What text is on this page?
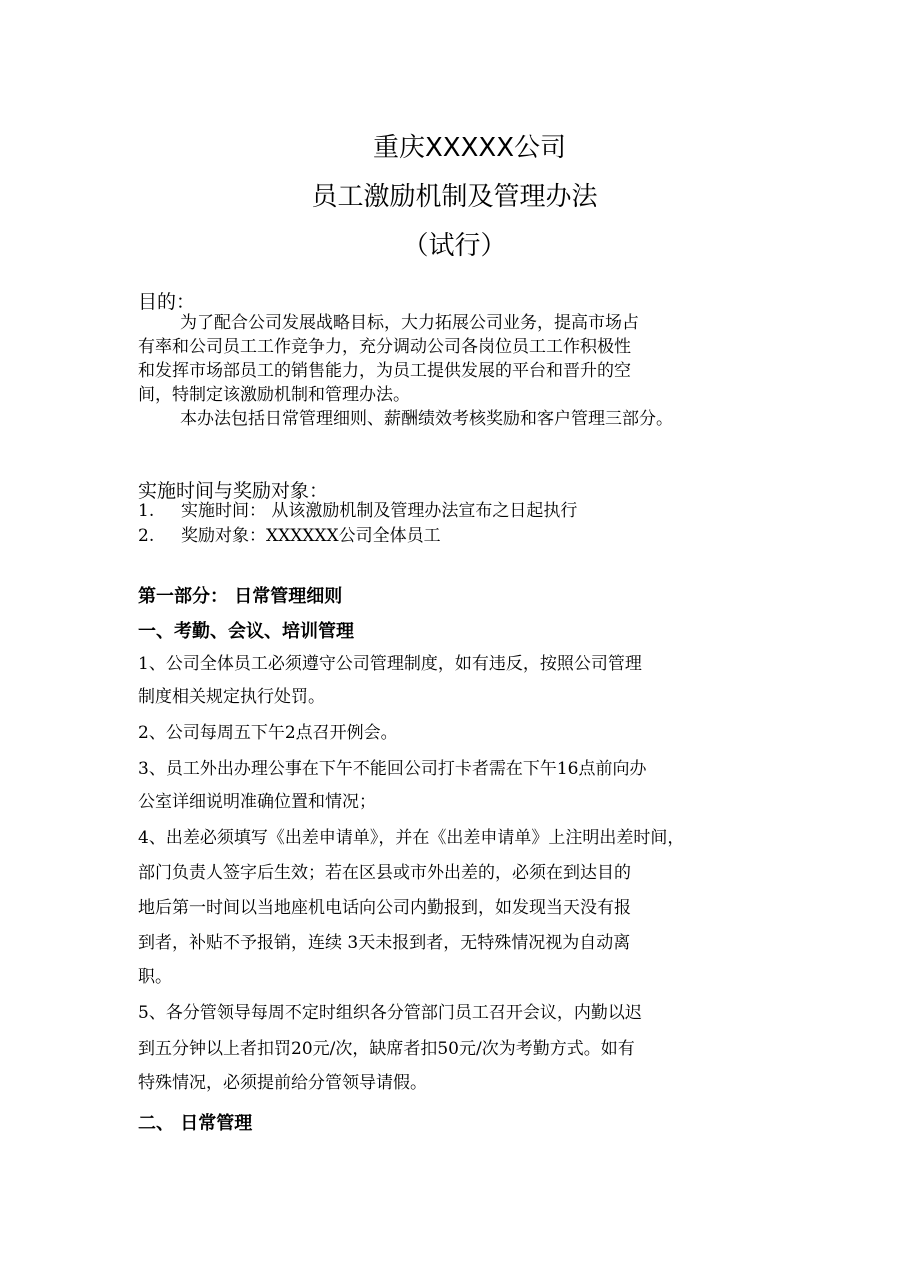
重庆XXXXX公司
员工激励机制及管理办法
（试行）
目的：
为了配合公司发展战略目标，大力拓展公司业务，提高市场占
有率和公司员工工作竞争力，充分调动公司各岗位员工工作积极性
和发挥市场部员工的销售能力，为员工提供发展的平台和晋升的空
间，特制定该激励机制和管理办法。
本办法包括日常管理细则、薪酬绩效考核奖励和客户管理三部分。
实施时间与奖励对象：
1. 实施时间： 从该激励机制及管理办法宣布之日起执行
2. 奖励对象：XXXXXX公司全体员工
第一部分： 日常管理细则
一、考勤、会议、培训管理
1、公司全体员工必须遵守公司管理制度，如有违反，按照公司管理
制度相关规定执行处罚。
2、公司每周五下午2点召开例会。
3、员工外出办理公事在下午不能回公司打卡者需在下午16点前向办
公室详细说明准确位置和情况；
4、出差必须填写《出差申请单》，并在《出差申请单》上注明出差时间，
部门负责人签字后生效；若在区县或市外出差的，必须在到达目的
地后第一时间以当地座机电话向公司内勤报到，如发现当天没有报
到者，补贴不予报销，连续 3天未报到者，无特殊情况视为自动离
职。
5、各分管领导每周不定时组织各分管部门员工召开会议，内勤以迟
到五分钟以上者扣罚20元/次，缺席者扣50元/次为考勤方式。如有
特殊情况，必须提前给分管领导请假。
二、 日常管理
